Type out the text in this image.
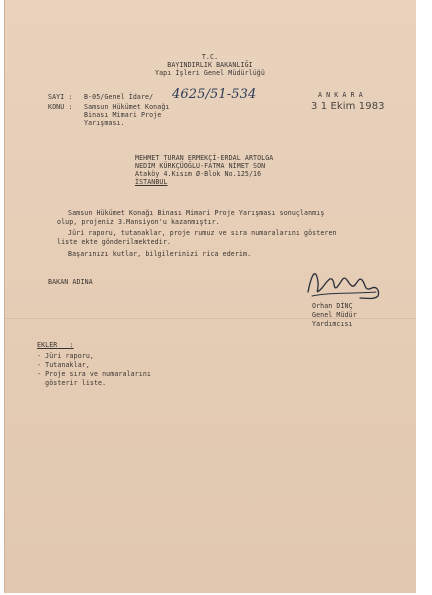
T.C.
BAYINDIRLIK BAKANLIĞI
Yapı İşleri Genel Müdürlüğü
SAYI : B-05/Genel İdare/ 4625/51-534
KONU : Samsun Hükümet Konağı
Binası Mimari Proje
Yarışması.
A N K A R A
3 1 Ekim 1983
MEHMET TURAN ERMEKÇİ-ERDAL ARTOLGA
NEDİM KÜRKÇÜOĞLU-FATMA NİMET SON
Ataköy 4.Kısım Ø-Blok No.125/16
İSTANBUL
Samsun Hükümet Konağı Binası Mimari Proje Yarışması sonuçlanmış
olup, projeniz 3.Mansiyon'u kazanmıştır.
Jüri raporu, tutanaklar, proje rumuz ve sıra numaralarını gösteren
liste ekte gönderilmektedir.
Başarınızı kutlar, bilgilerinizi rica ederim.
BAKAN ADINA
Orhan DİNÇ
Genel Müdür
Yardımcısı
EKLER   :
- Jüri raporu,
- Tutanaklar,
- Proje sıra ve numaralarını
gösterir liste.
